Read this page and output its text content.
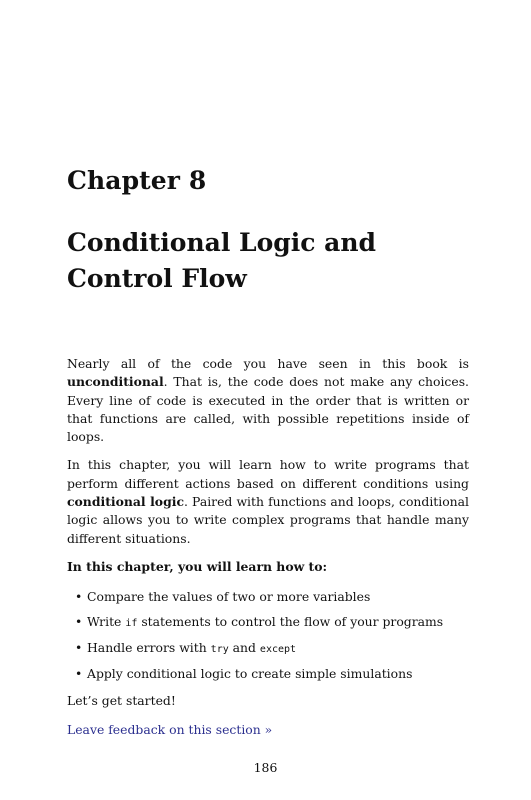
Chapter 8
Conditional Logic and
Control Flow

Nearly all of the code you have seen in this book is unconditional. That is, the code does not make any choices. Every line of code is executed in the order that is written or that functions are called, with possible repetitions inside of loops.

In this chapter, you will learn how to write programs that perform different actions based on different conditions using conditional logic. Paired with functions and loops, conditional logic allows you to write complex programs that handle many different situations.

In this chapter, you will learn how to:

• Compare the values of two or more variables
• Write if statements to control the flow of your programs
• Handle errors with try and except
• Apply conditional logic to create simple simulations

Let’s get started!

Leave feedback on this section »

186
